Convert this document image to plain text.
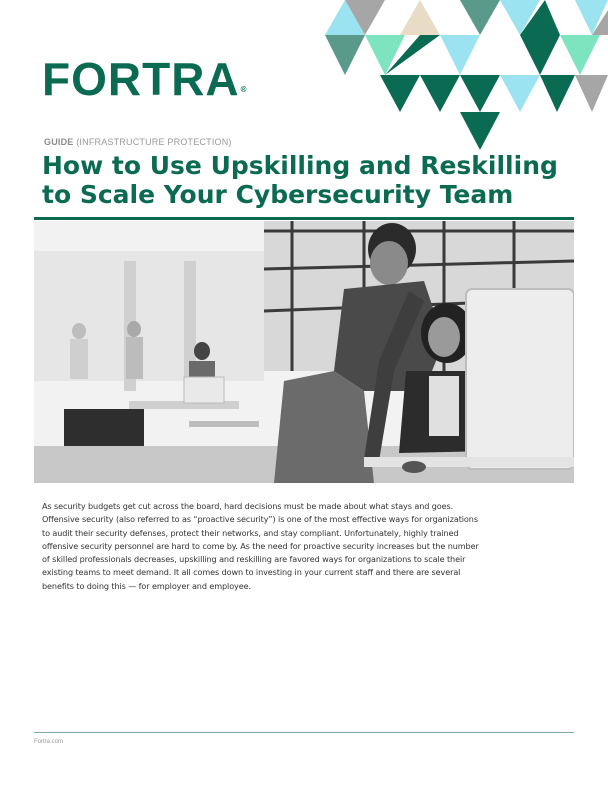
FORTRA®
GUIDE (INFRASTRUCTURE PROTECTION)
How to Use Upskilling and Reskilling to Scale Your Cybersecurity Team

As security budgets get cut across the board, hard decisions must be made about what stays and goes. Offensive security (also referred to as “proactive security”) is one of the most effective ways for organizations to audit their security defenses, protect their networks, and stay compliant. Unfortunately, highly trained offensive security personnel are hard to come by. As the need for proactive security increases but the number of skilled professionals decreases, upskilling and reskilling are favored ways for organizations to scale their existing teams to meet demand. It all comes down to investing in your current staff and there are several benefits to doing this — for employer and employee.

Fortra.com
